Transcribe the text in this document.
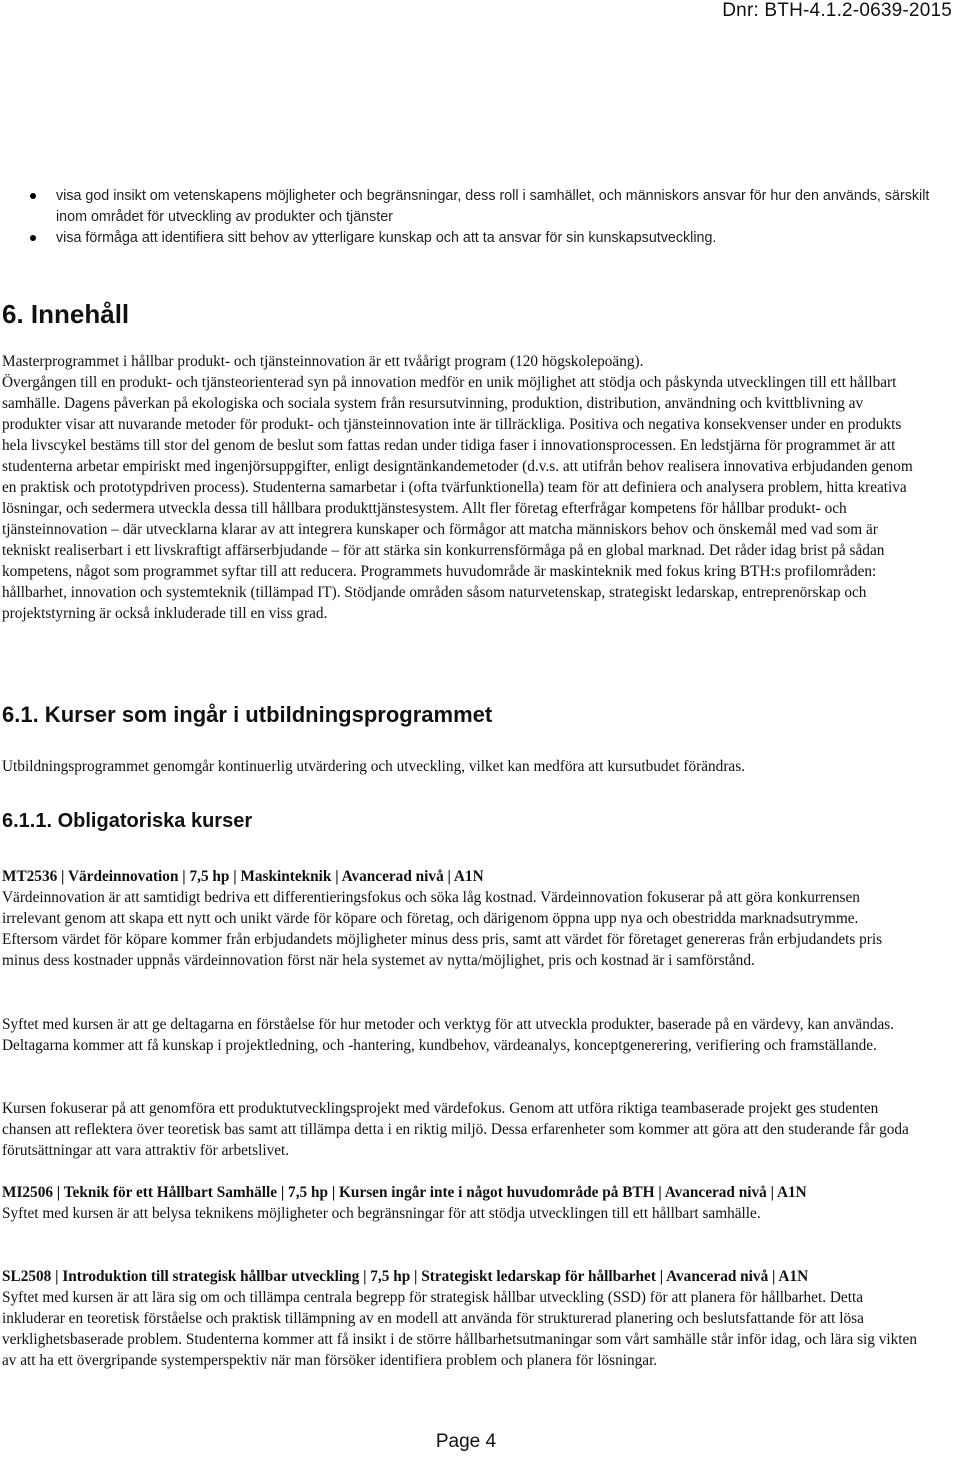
Dnr: BTH-4.1.2-0639-2015
visa god insikt om vetenskapens möjligheter och begränsningar, dess roll i samhället, och människors ansvar för hur den används, särskilt inom området för utveckling av produkter och tjänster
visa förmåga att identifiera sitt behov av ytterligare kunskap och att ta ansvar för sin kunskapsutveckling.
6. Innehåll

Masterprogrammet i hållbar produkt- och tjänsteinnovation är ett tvåårigt program (120 högskolepoäng).

Övergången till en produkt- och tjänsteorienterad syn på innovation medför en unik möjlighet att stödja och påskynda utvecklingen till ett hållbart samhälle. Dagens påverkan på ekologiska och sociala system från resursutvinning, produktion, distribution, användning och kvittblivning av produkter visar att nuvarande metoder för produkt- och tjänsteinnovation inte är tillräckliga. Positiva och negativa konsekvenser under en produkts hela livscykel bestäms till stor del genom de beslut som fattas redan under tidiga faser i innovationsprocessen. En ledstjärna för programmet är att studenterna arbetar empiriskt med ingenjörsuppgifter, enligt designtänkandemetoder (d.v.s. att utifrån behov realisera innovativa erbjudanden genom en praktisk och prototypdriven process). Studenterna samarbetar i (ofta tvärfunktionella) team för att definiera och analysera problem, hitta kreativa lösningar, och sedermera utveckla dessa till hållbara produkttjänstesystem. Allt fler företag efterfrågar kompetens för hållbar produkt- och tjänsteinnovation – där utvecklarna klarar av att integrera kunskaper och förmågor att matcha människors behov och önskemål med vad som är tekniskt realiserbart i ett livskraftigt affärserbjudande – för att stärka sin konkurrensförmåga på en global marknad. Det råder idag brist på sådan kompetens, något som programmet syftar till att reducera. Programmets huvudområde är maskinteknik med fokus kring BTH:s profilområden: hållbarhet, innovation och systemteknik (tillämpad IT). Stödjande områden såsom naturvetenskap, strategiskt ledarskap, entreprenörskap och projektstyrning är också inkluderade till en viss grad.

6.1. Kurser som ingår i utbildningsprogrammet

Utbildningsprogrammet genomgår kontinuerlig utvärdering och utveckling, vilket kan medföra att kursutbudet förändras.

6.1.1. Obligatoriska kurser
MT2536 | Värdeinnovation | 7,5 hp | Maskinteknik | Avancerad nivå | A1N
Värdeinnovation är att samtidigt bedriva ett differentieringsfokus och söka låg kostnad. Värdeinnovation fokuserar på att göra konkurrensen irrelevant genom att skapa ett nytt och unikt värde för köpare och företag, och därigenom öppna upp nya och obestridda marknadsutrymme. Eftersom värdet för köpare kommer från erbjudandets möjligheter minus dess pris, samt att värdet för företaget genereras från erbjudandets pris minus dess kostnader uppnås värdeinnovation först när hela systemet av nytta/möjlighet, pris och kostnad är i samförstånd.

Syftet med kursen är att ge deltagarna en förståelse för hur metoder och verktyg för att utveckla produkter, baserade på en värdevy, kan användas. Deltagarna kommer att få kunskap i projektledning, och -hantering, kundbehov, värdeanalys, konceptgenerering, verifiering och framställande.

Kursen fokuserar på att genomföra ett produktutvecklingsprojekt med värdefokus. Genom att utföra riktiga teambaserade projekt ges studenten chansen att reflektera över teoretisk bas samt att tillämpa detta i en riktig miljö. Dessa erfarenheter som kommer att göra att den studerande får goda förutsättningar att vara attraktiv för arbetslivet.

MI2506 | Teknik för ett Hållbart Samhälle | 7,5 hp | Kursen ingår inte i något huvudområde på BTH | Avancerad nivå | A1N
Syftet med kursen är att belysa teknikens möjligheter och begränsningar för att stödja utvecklingen till ett hållbart samhälle.
SL2508 | Introduktion till strategisk hållbar utveckling | 7,5 hp | Strategiskt ledarskap för hållbarhet | Avancerad nivå | A1N
Syftet med kursen är att lära sig om och tillämpa centrala begrepp för strategisk hållbar utveckling (SSD) för att planera för hållbarhet. Detta inkluderar en teoretisk förståelse och praktisk tillämpning av en modell att använda för strukturerad planering och beslutsfattande för att lösa verklighetsbaserade problem. Studenterna kommer att få insikt i de större hållbarhetsutmaningar som vårt samhälle står inför idag, och lära sig vikten av att ha ett övergripande systemperspektiv när man försöker identifiera problem och planera för lösningar.
Page 4
